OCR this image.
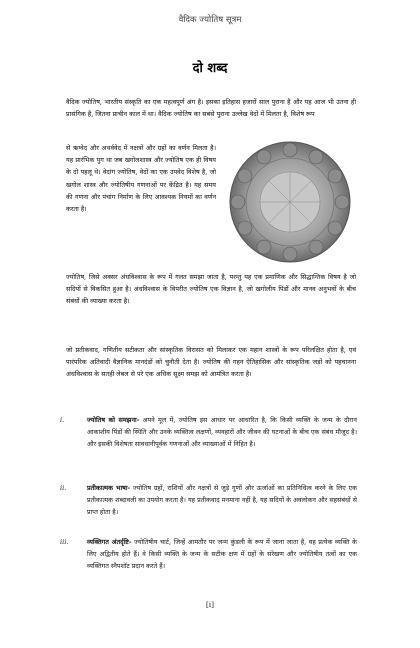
वैदिक ज्योतिष सूत्रम
दो शब्द
वैदिक ज्योतिष, भारतीय संस्कृति का एक महत्वपूर्ण अंग है। इसका इतिहास हजारों साल पुराना है और यह आज भी उतना ही प्रासंगिक है, जितना प्राचीन काल में था। वैदिक ज्योतिष का सबसे पुराना उल्लेख वेदों में मिलता है, विशेष रूप
से ऋग्वेद और अथर्ववेद में नक्षत्रों और ग्रहों का वर्णन मिलता है। यह प्रारंभिक युग था जब खगोलशास्त्र और ज्योतिष एक ही विषय के दो पहलू थे। वेदांग ज्योतिष, वेदों का एक उपवेद विशेष है, जो खगोल शास्त्र और ज्योतिषीय गणनाओं पर केंद्रित है। यह समय की गणना और पंचांग निर्माण के लिए आवश्यक नियमों का वर्णन करता है।
ज्योतिष, जिसे अक्सर अंधविश्वास के रूप में गलत समझा जाता है, परन्तु यह एक प्रमाणिक और सिद्धान्तिक विषय है जो सदियों से विकसित हुआ है। अंधविश्वास के विपरीत ज्योतिष एक विज्ञान है, जो खगोलीय पिंडों और मानव अनुभवों के बीच संबंधों की व्याख्या करता है।
जो प्रतीकवाद, गणितीय सटीकता और सांस्कृतिक विरासत को मिलाकर एक महान शास्त्रों के रूप परिलक्षित होता है, एवं पारंपरिक अतिवादी वैज्ञानिक मानदंडों को चुनौती देता है। ज्योतिष की गहन ऐतिहासिक और सांस्कृतिक जड़ों को पहचानना अंधविश्वास के सतही लेबल से परे एक अधिक सूक्ष्म समझ को आमंत्रित करता है।
i.	ज्योतिष को समझना- अपने मूल में, ज्योतिष इस आधार पर आधारित है, कि किसी व्यक्ति के जन्म के दौरान आकाशीय पिंडों की स्थिति और उनके व्यक्तित्व लक्षणों, व्यवहारों और जीवन की घटनाओं के बीच एक संबंध मौजूद है। और इसकी विशेषता सावधानीपूर्वक गणनाओं और व्याख्याओं में निहित है।
ii.	प्रतीकात्मक भाषा- ज्योतिष ग्रहों, राशियों और नक्षत्रों से जुड़े गुणों और ऊर्जाओं का प्रतिनिधित्व करने के लिए एक प्रतीकात्मक शब्दावली का उपयोग करता है। यह प्रतीकवाद मनमाना नहीं है, यह सदियों के अवलोकन और सहसंबंधों से प्राप्त होता है।
iii.	व्यक्तिगत अंतर्दृष्टि- ज्योतिषीय चार्ट, जिन्हें आमतौर पर जन्म कुंडली के रूप में जाना जाता है, वह प्रत्येक व्यक्ति के लिए अद्वितीय होते हैं। वे किसी व्यक्ति के जन्म के सटीक क्षण में ग्रहों के संरेखण और ज्योतिषीय तत्वों का एक व्यक्तिगत स्नैपशॉट प्रदान करते हैं।
[i]
